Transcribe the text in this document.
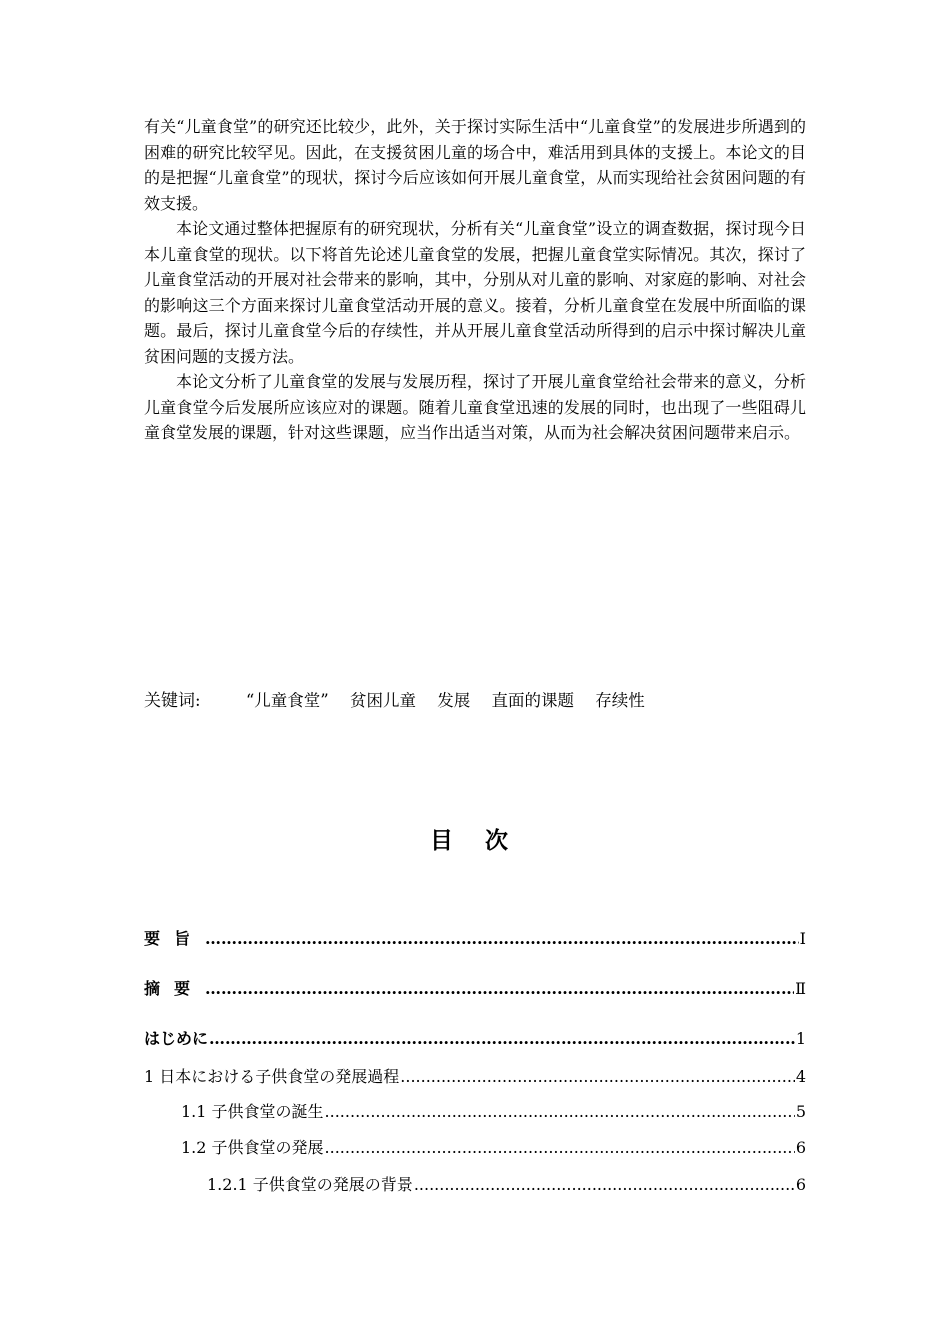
有关“儿童食堂”的研究还比较少，此外，关于探讨实际生活中“儿童食堂”的发展进步所遇到的困难的研究比较罕见。因此，在支援贫困儿童的场合中，难活用到具体的支援上。本论文的目的是把握“儿童食堂”的现状，探讨今后应该如何开展儿童食堂，从而实现给社会贫困问题的有效支援。

本论文通过整体把握原有的研究现状，分析有关“儿童食堂”设立的调查数据，探讨现今日本儿童食堂的现状。以下将首先论述儿童食堂的发展，把握儿童食堂实际情况。其次，探讨了儿童食堂活动的开展对社会带来的影响，其中，分别从对儿童的影响、对家庭的影响、对社会的影响这三个方面来探讨儿童食堂活动开展的意义。接着，分析儿童食堂在发展中所面临的课题。最后，探讨儿童食堂今后的存续性，并从开展儿童食堂活动所得到的启示中探讨解决儿童贫困问题的支援方法。

本论文分析了儿童食堂的发展与发展历程，探讨了开展儿童食堂给社会带来的意义，分析儿童食堂今后发展所应该应对的课题。随着儿童食堂迅速的发展的同时，也出现了一些阻碍儿童食堂发展的课题，针对这些课题，应当作出适当对策，从而为社会解决贫困问题带来启示。

关键词:	“儿童食堂” 贫困儿童 发展 直面的课题 存续性
目 次
要旨 …………………………………………………………………………………………………………………………………………………………………………………………………………………	Ⅰ
摘要 …………………………………………………………………………………………………………………………………………………………………………………………………………………	Ⅱ
はじめに …………………………………………………………………………………………………………………………………………………………………………………………………………………	1
1 日本における子供食堂の発展過程 .....	4
1.1 子供食堂の誕生 .....	5
1.2 子供食堂の発展 .....	6
1.2.1 子供食堂の発展の背景 .....	6
